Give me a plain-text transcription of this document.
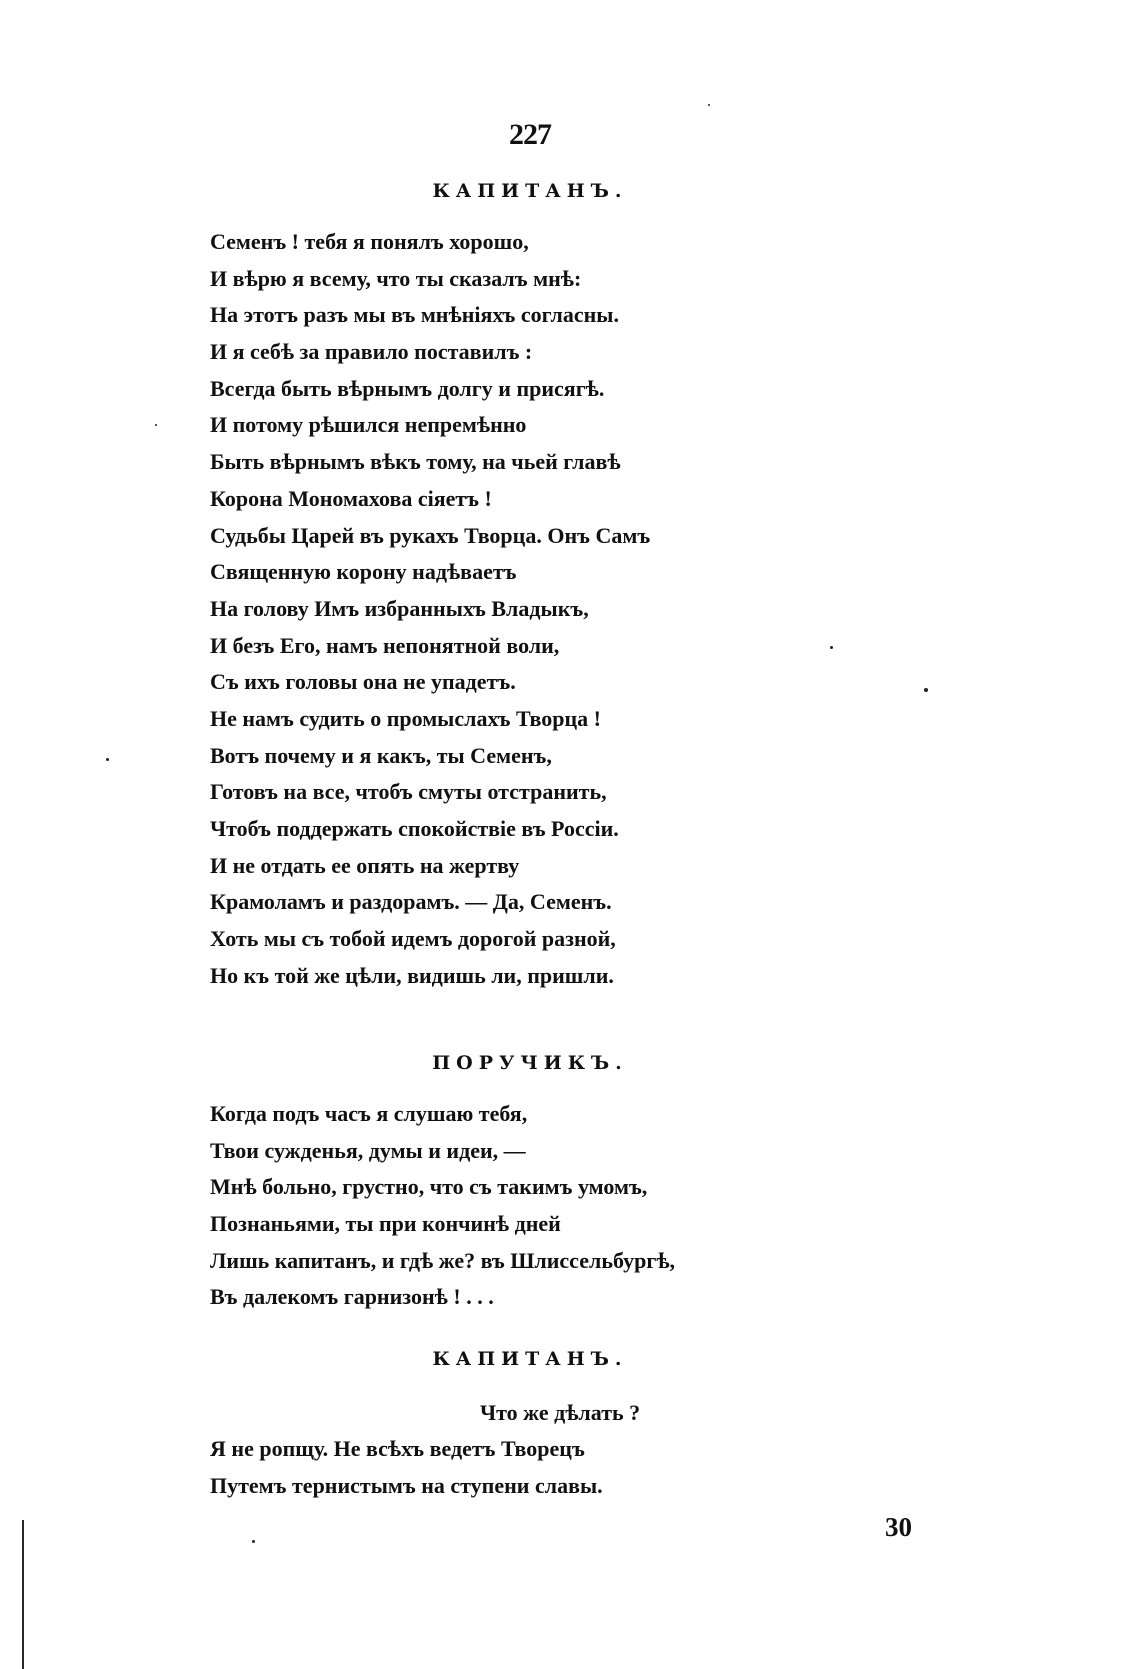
227
КАПИТАНЪ.
Семенъ ! тебя я понялъ хорошо,
И вѣрю я всему, что ты сказалъ мнѣ:
На этотъ разъ мы въ мнѣніяхъ согласны.
И я себѣ за правило поставилъ :
Всегда быть вѣрнымъ долгу и присягѣ.
И потому рѣшился непремѣнно
Быть вѣрнымъ вѣкъ тому, на чьей главѣ
Корона Мономахова сіяетъ !
Судьбы Царей въ рукахъ Творца. Онъ Самъ
Священную корону надѣваетъ
На голову Имъ избранныхъ Владыкъ,
И безъ Его, намъ непонятной воли,
Съ ихъ головы она не упадетъ.
Не намъ судить о промыслахъ Творца !
Вотъ почему и я какъ, ты Семенъ,
Готовъ на все, чтобъ смуты отстранить,
Чтобъ поддержать спокойствіе въ Россіи.
И не отдать ее опять на жертву
Крамоламъ и раздорамъ. — Да, Семенъ.
Хоть мы съ тобой идемъ дорогой разной,
Но къ той же цѣли, видишь ли, пришли.
ПОРУЧИКЪ.
Когда подъ часъ я слушаю тебя,
Твои сужденья, думы и идеи, —
Мнѣ больно, грустно, что съ такимъ умомъ,
Познаньями, ты при кончинѣ дней
Лишь капитанъ, и гдѣ же? въ Шлиссельбургѣ,
Въ далекомъ гарнизонѣ ! . . .
КАПИТАНЪ.
Что же дѣлать ?
Я не ропщу. Не всѣхъ ведетъ Творецъ
Путемъ тернистымъ на ступени славы.
30
